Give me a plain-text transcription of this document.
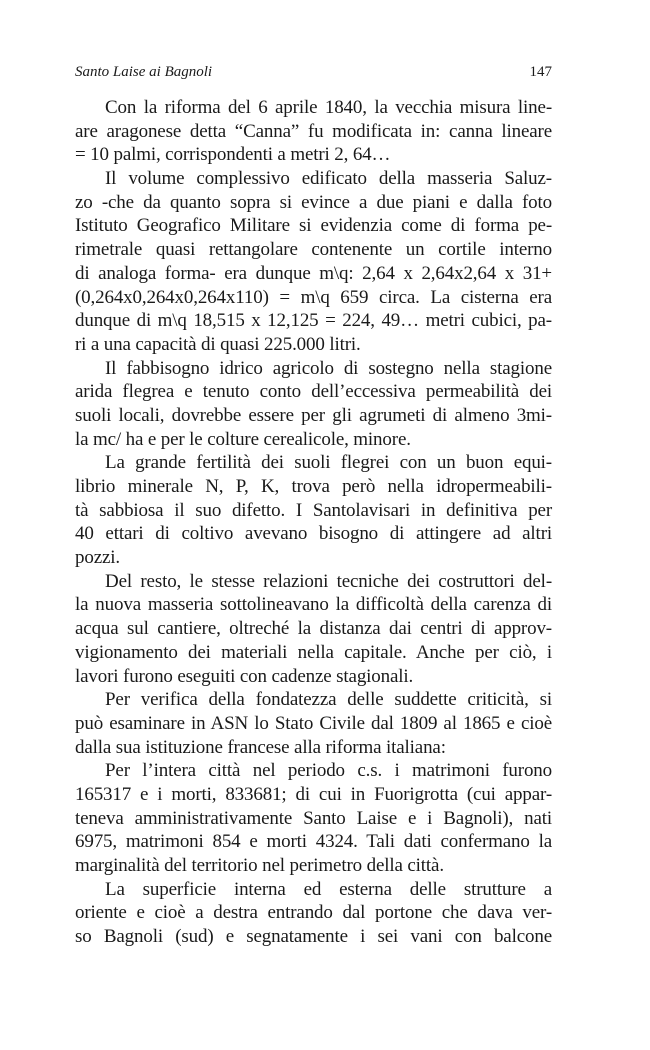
Santo Laise ai Bagnoli	147
Con la riforma del 6 aprile 1840, la vecchia misura line-
are aragonese detta “Canna” fu modificata in: canna lineare
= 10 palmi, corrispondenti a metri 2, 64…
Il volume complessivo edificato della masseria Saluz-
zo -che da quanto sopra si evince a due piani e dalla foto
Istituto Geografico Militare si evidenzia come di forma pe-
rimetrale quasi rettangolare contenente un cortile interno
di analoga forma- era dunque m\q: 2,64 x 2,64x2,64 x 31+
(0,264x0,264x0,264x110) = m\q 659 circa. La cisterna era
dunque di m\q 18,515 x 12,125 = 224, 49… metri cubici, pa-
ri a una capacità di quasi 225.000 litri.
Il fabbisogno idrico agricolo di sostegno nella stagione
arida flegrea e tenuto conto dell’eccessiva permeabilità dei
suoli locali, dovrebbe essere per gli agrumeti di almeno 3mi-
la mc/ ha e per le colture cerealicole, minore.
La grande fertilità dei suoli flegrei con un buon equi-
librio minerale N, P, K, trova però nella idropermeabili-
tà sabbiosa il suo difetto. I Santolavisari in definitiva per
40 ettari di coltivo avevano bisogno di attingere ad altri
pozzi.
Del resto, le stesse relazioni tecniche dei costruttori del-
la nuova masseria sottolineavano la difficoltà della carenza di
acqua sul cantiere, oltreché la distanza dai centri di approv-
vigionamento dei materiali nella capitale. Anche per ciò, i
lavori furono eseguiti con cadenze stagionali.
Per verifica della fondatezza delle suddette criticità, si
può esaminare in ASN lo Stato Civile dal 1809 al 1865 e cioè
dalla sua istituzione francese alla riforma italiana:
Per l’intera città nel periodo c.s. i matrimoni furono
165317 e i morti, 833681; di cui in Fuorigrotta (cui appar-
teneva amministrativamente Santo Laise e i Bagnoli), nati
6975, matrimoni 854 e morti 4324. Tali dati confermano la
marginalità del territorio nel perimetro della città.
La superficie interna ed esterna delle strutture a
oriente e cioè a destra entrando dal portone che dava ver-
so Bagnoli (sud) e segnatamente i sei vani con balcone
